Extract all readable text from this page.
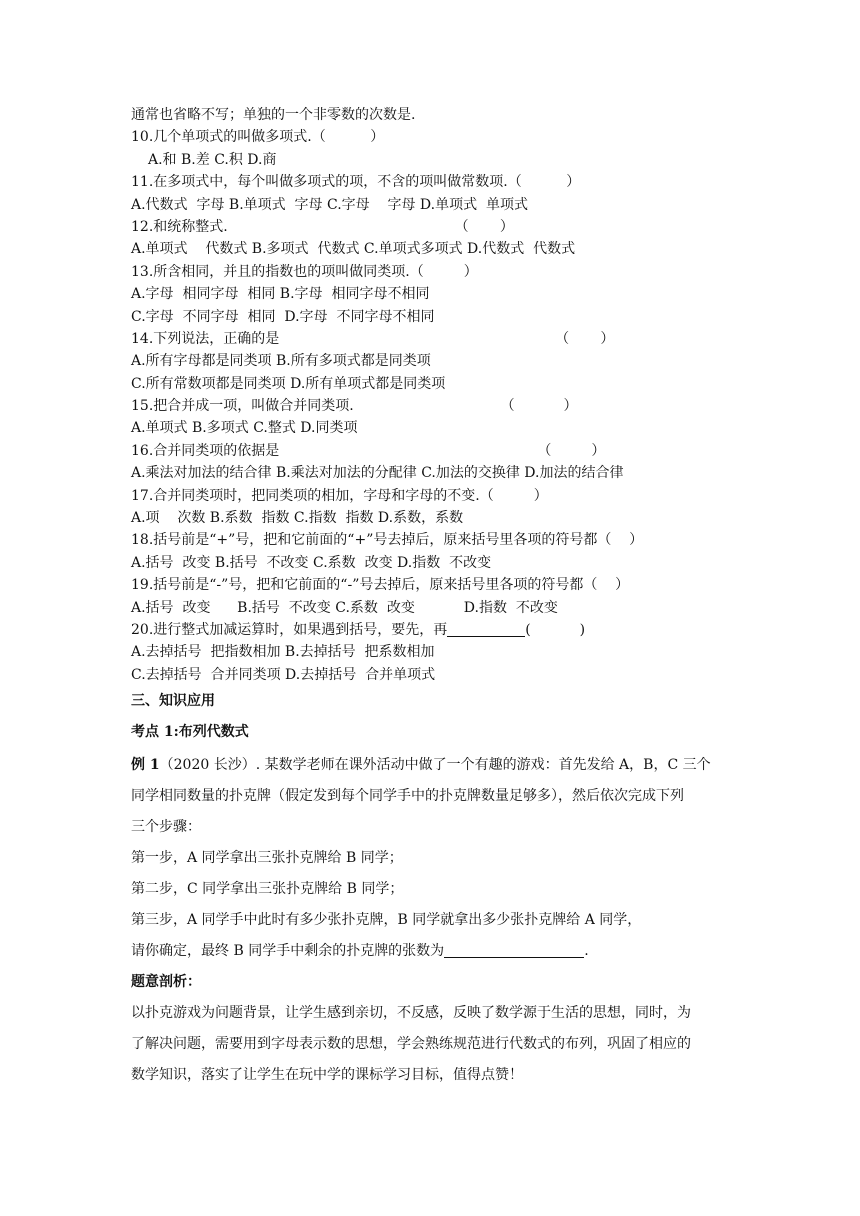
通常也省略不写；单独的一个非零数的次数是.
10.几个单项式的叫做多项式.（          ）
A.和 B.差 C.积 D.商
11.在多项式中，每个叫做多项式的项，不含的项叫做常数项.（          ）
A.代数式  字母 B.单项式  字母 C.字母    字母 D.单项式  单项式
12.和统称整式.                                                   （       ）
A.单项式    代数式 B.多项式  代数式 C.单项式多项式 D.代数式  代数式
13.所含相同，并且的指数也的项叫做同类项.（         ）
A.字母  相同字母  相同 B.字母  相同字母不相同
C.字母  不同字母  相同  D.字母  不同字母不相同
14.下列说法，正确的是                                                              （       ）
A.所有字母都是同类项 B.所有多项式都是同类项
C.所有常数项都是同类项 D.所有单项式都是同类项
15.把合并成一项，叫做合并同类项.                                 （           ）
A.单项式 B.多项式 C.整式 D.同类项
16.合并同类项的依据是                                                          （         ）
A.乘法对加法的结合律 B.乘法对加法的分配律 C.加法的交换律 D.加法的结合律
17.合并同类项时，把同类项的相加，字母和字母的不变.（         ）
A.项    次数 B.系数  指数 C.指数  指数 D.系数，系数
18.括号前是“+”号，把和它前面的“+”号去掉后，原来括号里各项的符号都（    ）
A.括号  改变 B.括号  不改变 C.系数  改变 D.指数  不改变
19.括号前是“-”号，把和它前面的“-”号去掉后，原来括号里各项的符号都（    ）
A.括号  改变      B.括号  不改变 C.系数  改变           D.指数  不改变
20.进行整式加减运算时，如果遇到括号，要先，再	(           )
A.去掉括号  把指数相加 B.去掉括号  把系数相加
C.去掉括号  合并同类项 D.去掉括号  合并单项式
三、知识应用
考点 1:布列代数式
例 1（2020 长沙）. 某数学老师在课外活动中做了一个有趣的游戏：首先发给 A，B，C 三个
同学相同数量的扑克牌（假定发到每个同学手中的扑克牌数量足够多），然后依次完成下列
三个步骤：
第一步，A 同学拿出三张扑克牌给 B 同学；
第二步，C 同学拿出三张扑克牌给 B 同学；
第三步，A 同学手中此时有多少张扑克牌，B 同学就拿出多少张扑克牌给 A 同学，
请你确定，最终 B 同学手中剩余的扑克牌的张数为	.
题意剖析：
以扑克游戏为问题背景，让学生感到亲切，不反感，反映了数学源于生活的思想，同时，为
了解决问题，需要用到字母表示数的思想，学会熟练规范进行代数式的布列，巩固了相应的
数学知识，落实了让学生在玩中学的课标学习目标，值得点赞！
